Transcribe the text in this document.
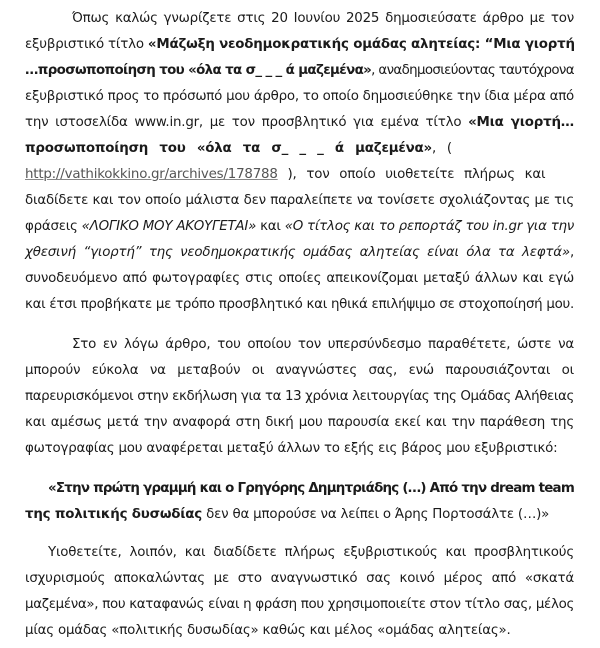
Όπως καλώς γνωρίζετε στις 20 Ιουνίου 2025 δημοσιεύσατε άρθρο με τον
εξυβριστικό τίτλο «Μάζωξη νεοδημοκρατικής ομάδας αλητείας: “Μια γιορτή
…προσωποποίηση του «όλα τα σ_ _ _ ά μαζεμένα», αναδημοσιεύοντας ταυτόχρονα
εξυβριστικό προς το πρόσωπό μου άρθρο, το οποίο δημοσιεύθηκε την ίδια μέρα από
την ιστοσελίδα www.in.gr, με τον προσβλητικό για εμένα τίτλο «Μια γιορτή…
προσωποποίηση του «όλα τα σ_ _ _ ά μαζεμένα», (
http://vathikokkino.gr/archives/178788 ), τον οποίο υιοθετείτε πλήρως και
διαδίδετε και τον οποίο μάλιστα δεν παραλείπετε να τονίσετε σχολιάζοντας με τις
φράσεις «ΛΟΓΙΚΟ ΜΟΥ ΑΚΟΥΓΕΤΑΙ» και «Ο τίτλος και το ρεπορτάζ του in.gr για την
χθεσινή “γιορτή” της νεοδημοκρατικής ομάδας αλητείας είναι όλα τα λεφτά»,
συνοδευόμενο από φωτογραφίες στις οποίες απεικονίζομαι μεταξύ άλλων και εγώ
και έτσι προβήκατε με τρόπο προσβλητικό και ηθικά επιλήψιμο σε στοχοποίησή μου.
Στο εν λόγω άρθρο, του οποίου τον υπερσύνδεσμο παραθέτετε, ώστε να
μπορούν εύκολα να μεταβούν οι αναγνώστες σας, ενώ παρουσιάζονται οι
παρευρισκόμενοι στην εκδήλωση για τα 13 χρόνια λειτουργίας της Ομάδας Αλήθειας
και αμέσως μετά την αναφορά στη δική μου παρουσία εκεί και την παράθεση της
φωτογραφίας μου αναφέρεται μεταξύ άλλων το εξής εις βάρος μου εξυβριστικό:
«Στην πρώτη γραμμή και ο Γρηγόρης Δημητριάδης (…) Από την dream team
της πολιτικής δυσωδίας δεν θα μπορούσε να λείπει ο Άρης Πορτοσάλτε (…)»
Υιοθετείτε, λοιπόν, και διαδίδετε πλήρως εξυβριστικούς και προσβλητικούς
ισχυρισμούς αποκαλώντας με στο αναγνωστικό σας κοινό μέρος από «σκατά
μαζεμένα», που καταφανώς είναι η φράση που χρησιμοποιείτε στον τίτλο σας, μέλος
μίας ομάδας «πολιτικής δυσωδίας» καθώς και μέλος «ομάδας αλητείας».
